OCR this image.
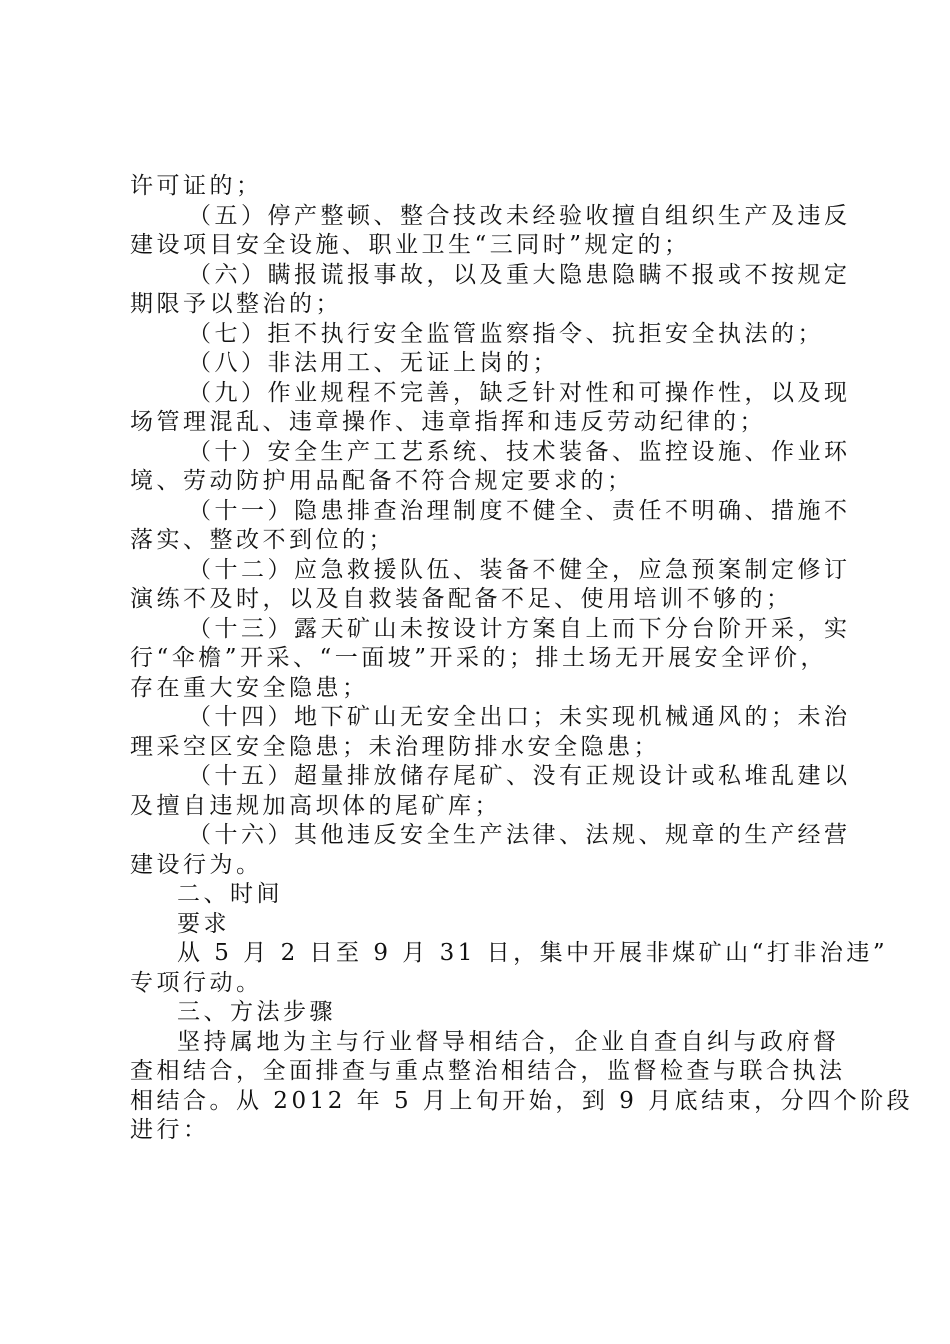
许可证的；
（五）停产整顿、整合技改未经验收擅自组织生产及违反
建设项目安全设施、职业卫生“三同时”规定的；
（六）瞒报谎报事故，以及重大隐患隐瞒不报或不按规定
期限予以整治的；
（七）拒不执行安全监管监察指令、抗拒安全执法的；
（八）非法用工、无证上岗的；
（九）作业规程不完善，缺乏针对性和可操作性，以及现
场管理混乱、违章操作、违章指挥和违反劳动纪律的；
（十）安全生产工艺系统、技术装备、监控设施、作业环
境、劳动防护用品配备不符合规定要求的；
（十一）隐患排查治理制度不健全、责任不明确、措施不
落实、整改不到位的；
（十二）应急救援队伍、装备不健全，应急预案制定修订
演练不及时，以及自救装备配备不足、使用培训不够的；
（十三）露天矿山未按设计方案自上而下分台阶开采，实
行“伞檐”开采、“一面坡”开采的；排土场无开展安全评价，
存在重大安全隐患；
（十四）地下矿山无安全出口；未实现机械通风的；未治
理采空区安全隐患；未治理防排水安全隐患；
（十五）超量排放储存尾矿、没有正规设计或私堆乱建以
及擅自违规加高坝体的尾矿库；
（十六）其他违反安全生产法律、法规、规章的生产经营
建设行为。
二、时间
要求
从 5 月 2 日至 9 月 31 日，集中开展非煤矿山“打非治违”
专项行动。
三、方法步骤
坚持属地为主与行业督导相结合，企业自查自纠与政府督
查相结合，全面排查与重点整治相结合，监督检查与联合执法
相结合。从 2012 年 5 月上旬开始，到 9 月底结束，分四个阶段
进行：
